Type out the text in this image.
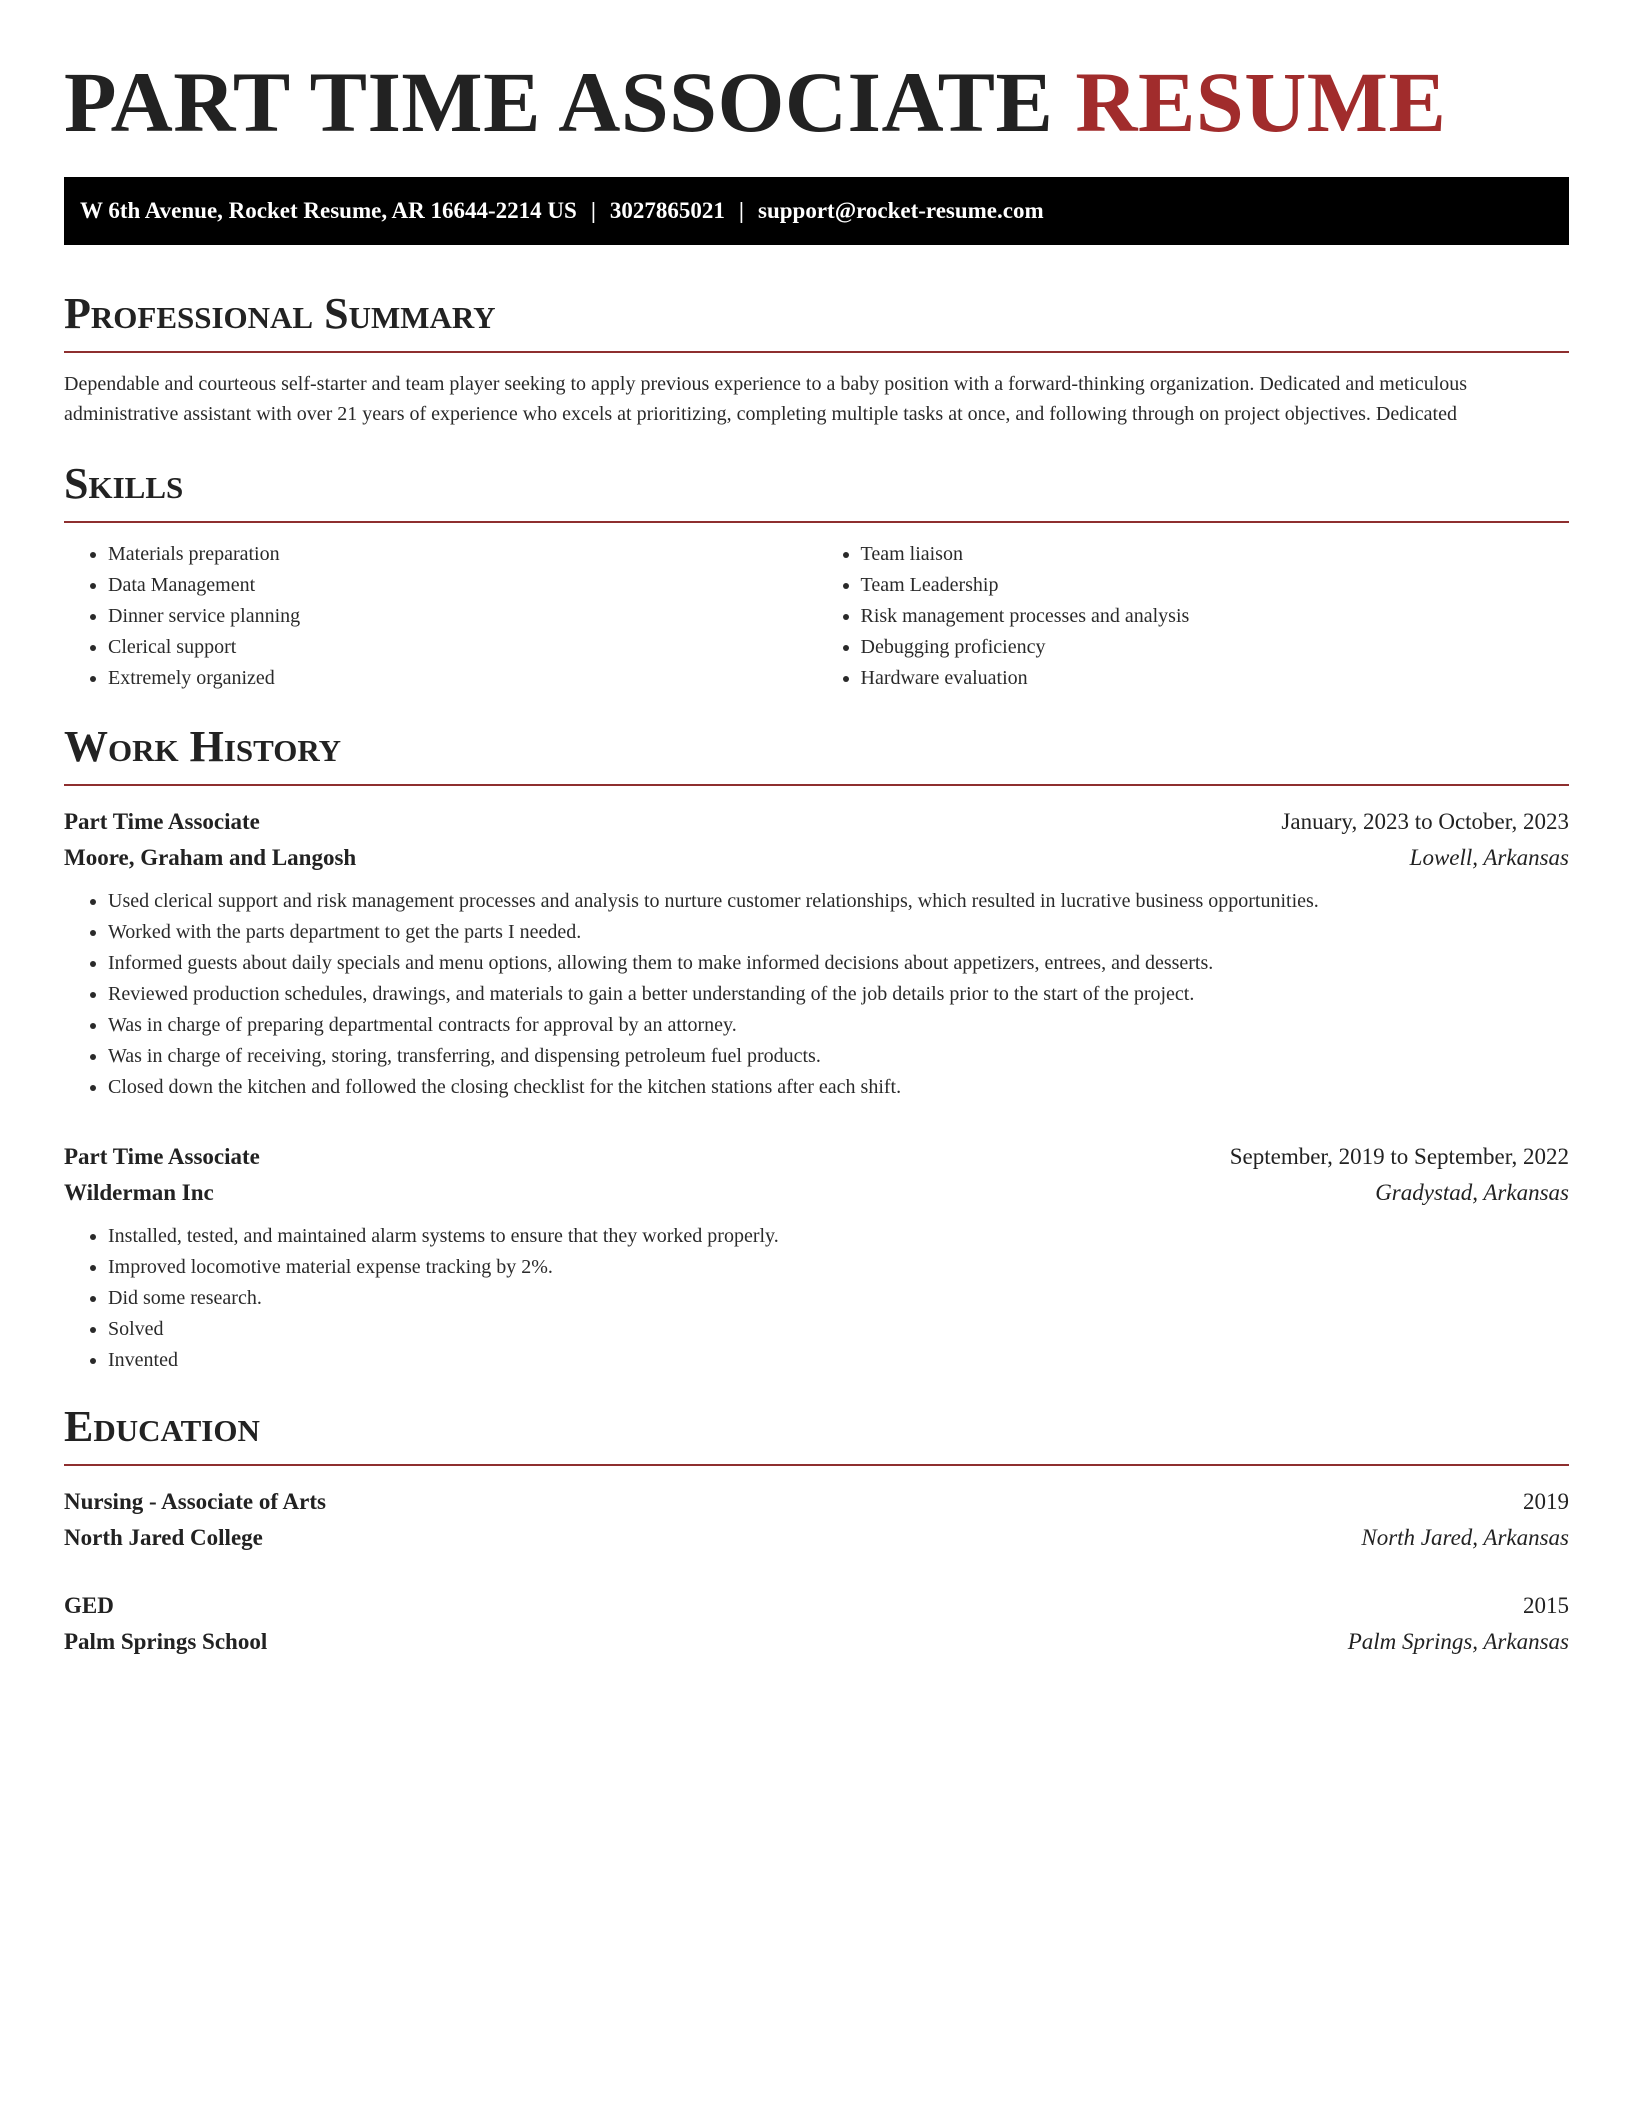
PART TIME ASSOCIATE RESUME
W 6th Avenue, Rocket Resume, AR 16644-2214 US | 3027865021 | support@rocket-resume.com
Professional Summary

Dependable and courteous self-starter and team player seeking to apply previous experience to a baby position with a forward-thinking organization. Dedicated and meticulous administrative assistant with over 21 years of experience who excels at prioritizing, completing multiple tasks at once, and following through on project objectives. Dedicated

Skills
• Materials preparation
• Data Management
• Dinner service planning
• Clerical support
• Extremely organized
• Team liaison
• Team Leadership
• Risk management processes and analysis
• Debugging proficiency
• Hardware evaluation
Work History
Part Time Associate	January, 2023 to October, 2023
Moore, Graham and Langosh	Lowell, Arkansas
• Used clerical support and risk management processes and analysis to nurture customer relationships, which resulted in lucrative business opportunities.
• Worked with the parts department to get the parts I needed.
• Informed guests about daily specials and menu options, allowing them to make informed decisions about appetizers, entrees, and desserts.
• Reviewed production schedules, drawings, and materials to gain a better understanding of the job details prior to the start of the project.
• Was in charge of preparing departmental contracts for approval by an attorney.
• Was in charge of receiving, storing, transferring, and dispensing petroleum fuel products.
• Closed down the kitchen and followed the closing checklist for the kitchen stations after each shift.
Part Time Associate	September, 2019 to September, 2022
Wilderman Inc	Gradystad, Arkansas
• Installed, tested, and maintained alarm systems to ensure that they worked properly.
• Improved locomotive material expense tracking by 2%.
• Did some research.
• Solved
• Invented
Education
Nursing - Associate of Arts	2019
North Jared College	North Jared, Arkansas
GED	2015
Palm Springs School	Palm Springs, Arkansas
